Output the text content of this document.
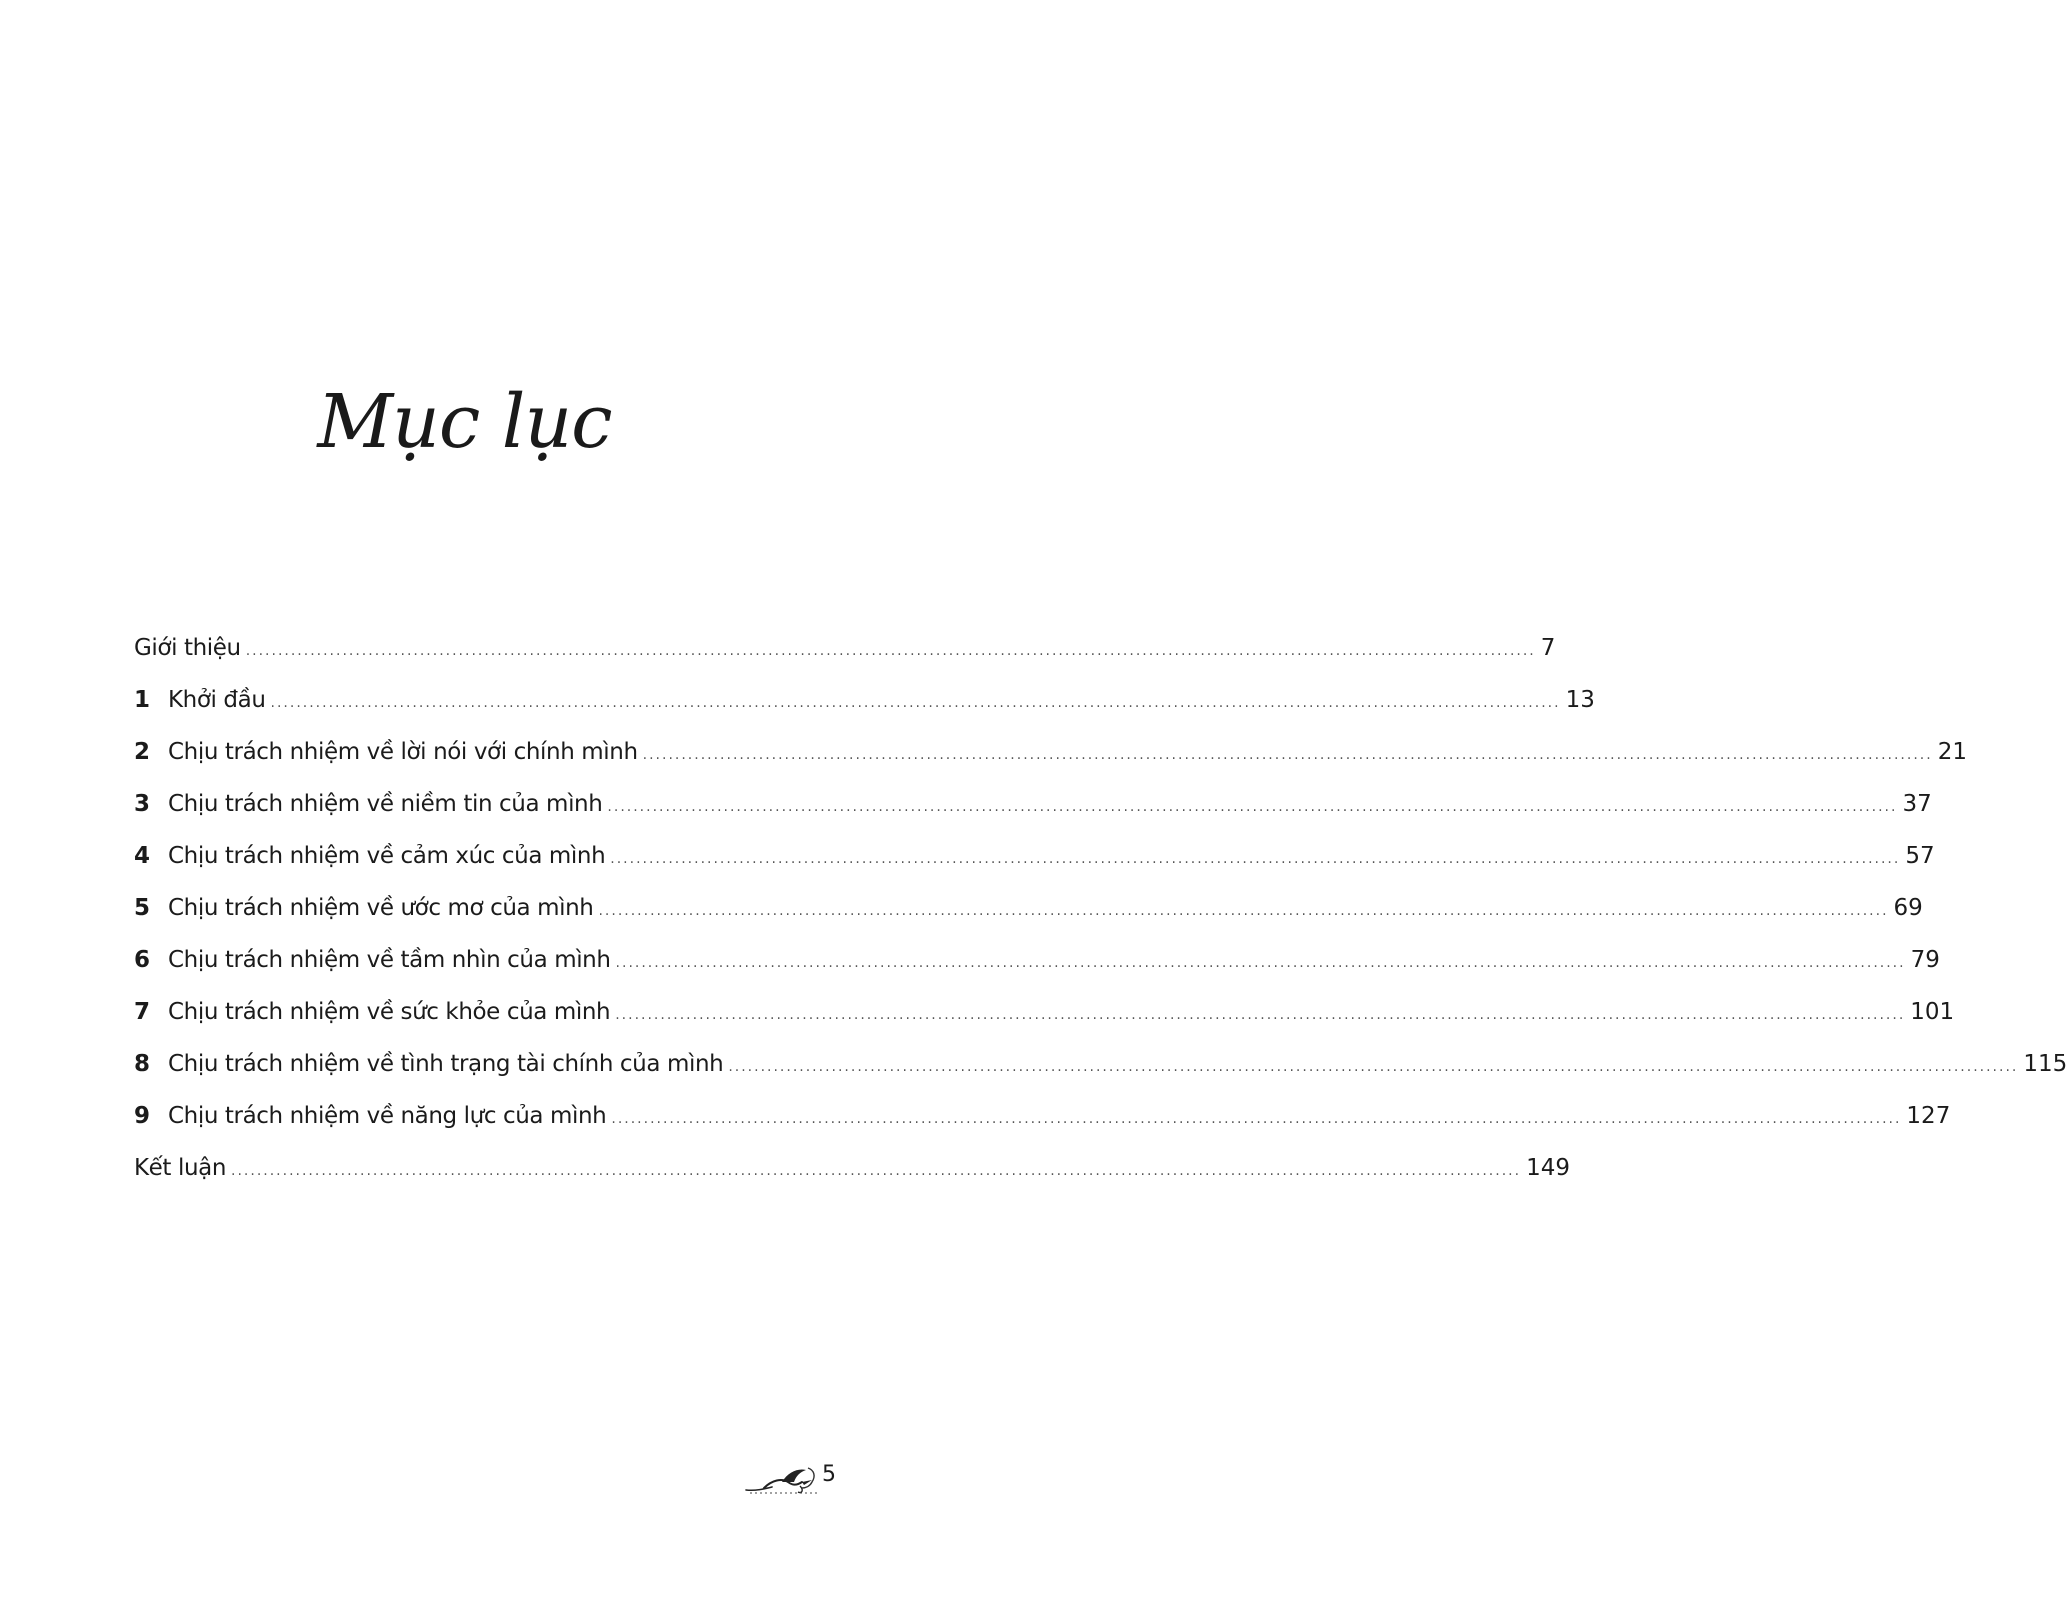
Mục lục
Giới thiệu ........................................................................................................................................................................................................ 7
1 Khởi đầu ........................................................................................................................................................................................................ 13
2 Chịu trách nhiệm về lời nói với chính mình ........................................................................................................................................................................................................ 21
3 Chịu trách nhiệm về niềm tin của mình ........................................................................................................................................................................................................ 37
4 Chịu trách nhiệm về cảm xúc của mình ........................................................................................................................................................................................................ 57
5 Chịu trách nhiệm về ước mơ của mình ........................................................................................................................................................................................................ 69
6 Chịu trách nhiệm về tầm nhìn của mình ........................................................................................................................................................................................................ 79
7 Chịu trách nhiệm về sức khỏe của mình ........................................................................................................................................................................................................ 101
8 Chịu trách nhiệm về tình trạng tài chính của mình ........................................................................................................................................................................................................ 115
9 Chịu trách nhiệm về năng lực của mình ........................................................................................................................................................................................................ 127
Kết luận ........................................................................................................................................................................................................ 149
5
